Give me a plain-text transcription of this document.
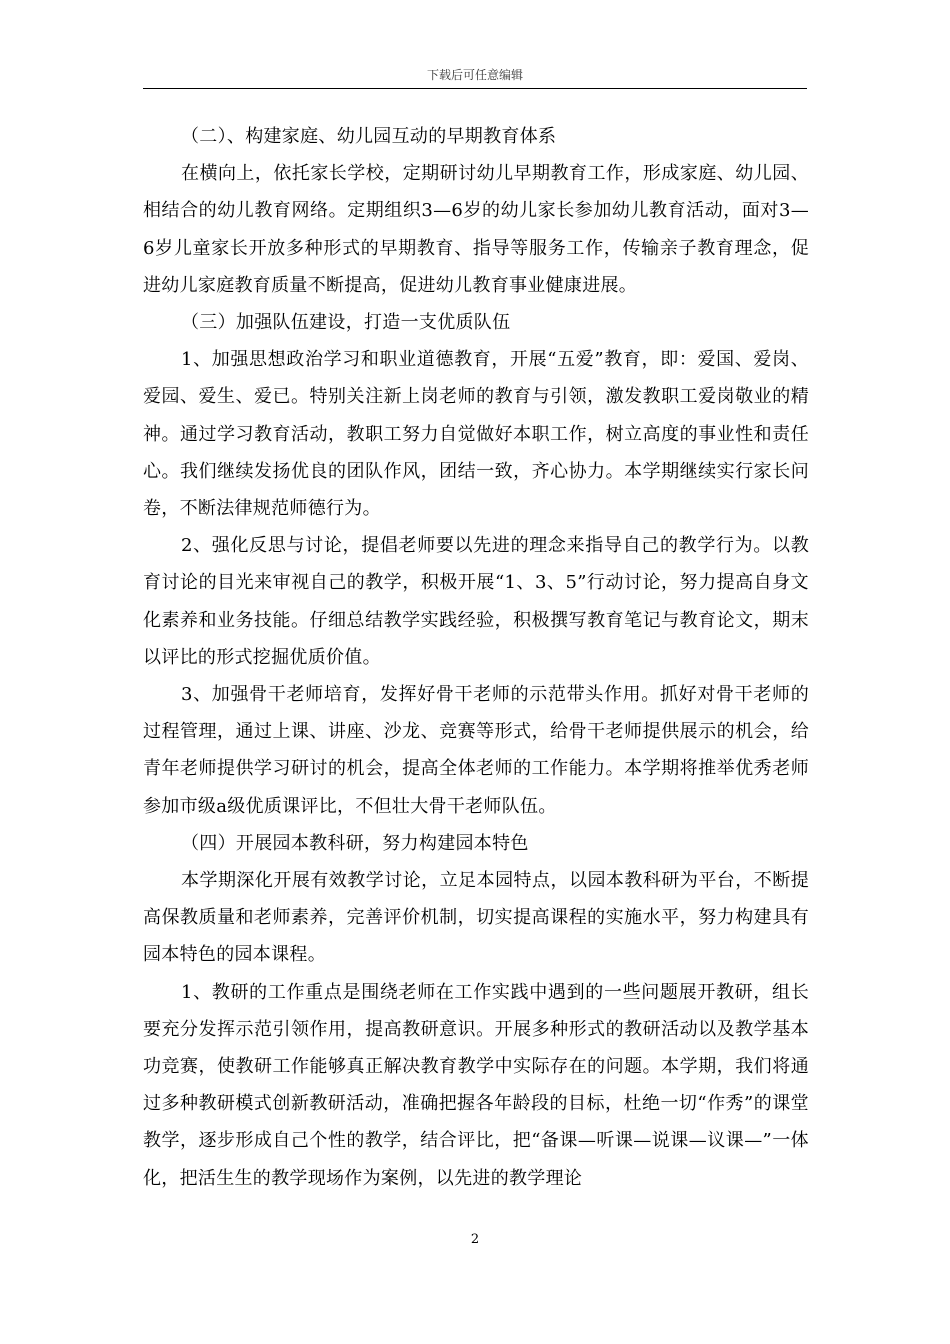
下载后可任意编辑

（二）、构建家庭、幼儿园互动的早期教育体系

在横向上，依托家长学校，定期研讨幼儿早期教育工作，形成家庭、幼儿园、相结合的幼儿教育网络。定期组织3—6岁的幼儿家长参加幼儿教育活动，面对3—6岁儿童家长开放多种形式的早期教育、指导等服务工作，传输亲子教育理念，促进幼儿家庭教育质量不断提高，促进幼儿教育事业健康进展。

（三）加强队伍建设，打造一支优质队伍

1、加强思想政治学习和职业道德教育，开展“五爱”教育，即：爱国、爱岗、爱园、爱生、爱已。特别关注新上岗老师的教育与引领，激发教职工爱岗敬业的精神。通过学习教育活动，教职工努力自觉做好本职工作，树立高度的事业性和责任心。我们继续发扬优良的团队作风，团结一致，齐心协力。本学期继续实行家长问卷，不断法律规范师德行为。

2、强化反思与讨论，提倡老师要以先进的理念来指导自己的教学行为。以教育讨论的目光来审视自己的教学，积极开展“1、3、5”行动讨论，努力提高自身文化素养和业务技能。仔细总结教学实践经验，积极撰写教育笔记与教育论文，期末以评比的形式挖掘优质价值。

3、加强骨干老师培育，发挥好骨干老师的示范带头作用。抓好对骨干老师的过程管理，通过上课、讲座、沙龙、竞赛等形式，给骨干老师提供展示的机会，给青年老师提供学习研讨的机会，提高全体老师的工作能力。本学期将推举优秀老师参加市级a级优质课评比，不但壮大骨干老师队伍。

（四）开展园本教科研，努力构建园本特色

本学期深化开展有效教学讨论，立足本园特点，以园本教科研为平台，不断提高保教质量和老师素养，完善评价机制，切实提高课程的实施水平，努力构建具有园本特色的园本课程。

1、教研的工作重点是围绕老师在工作实践中遇到的一些问题展开教研，组长要充分发挥示范引领作用，提高教研意识。开展多种形式的教研活动以及教学基本功竞赛，使教研工作能够真正解决教育教学中实际存在的问题。本学期，我们将通过多种教研模式创新教研活动，准确把握各年龄段的目标，杜绝一切“作秀”的课堂教学，逐步形成自己个性的教学，结合评比，把“备课—听课—说课—议课—”一体化，把活生生的教学现场作为案例，以先进的教学理论

2
